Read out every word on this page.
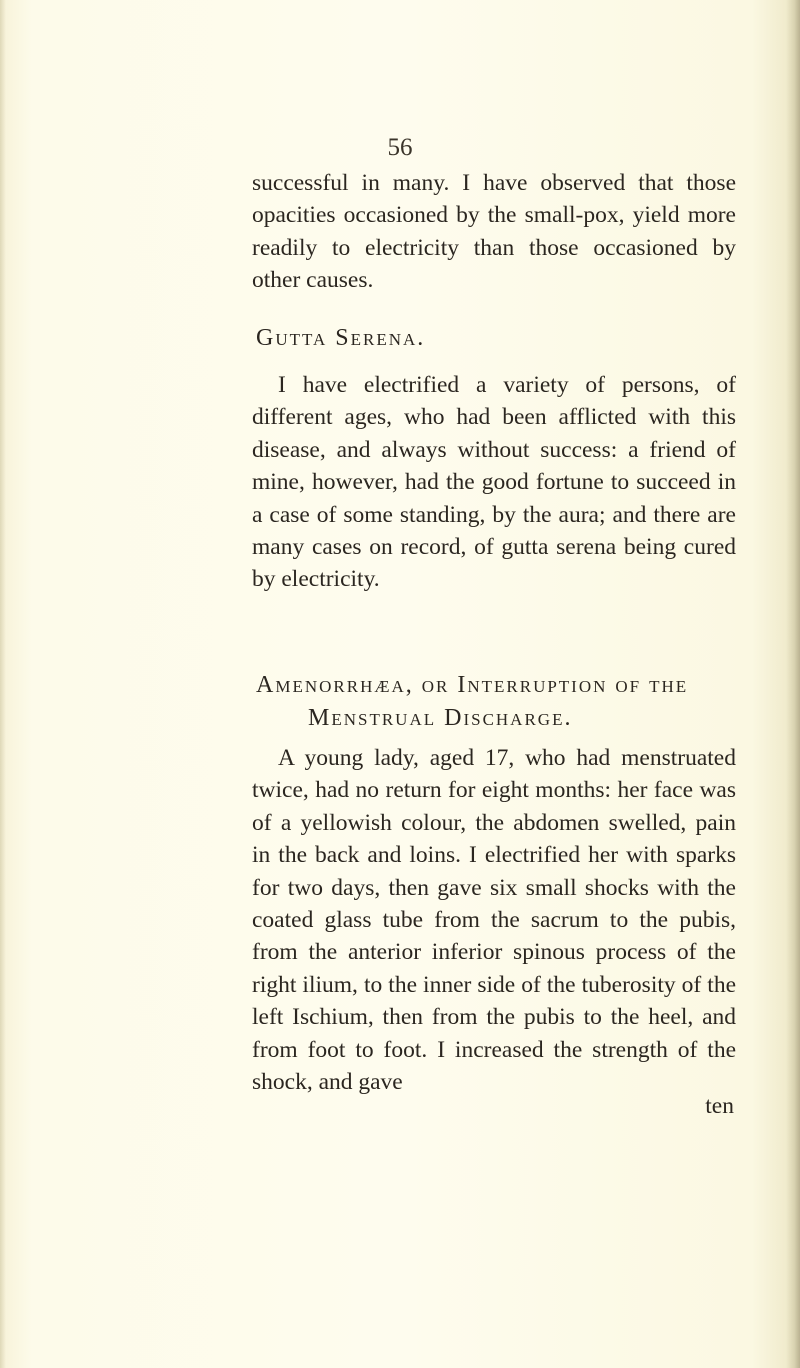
56

successful in many. I have observed that those opacities occasioned by the small-pox, yield more readily to electricity than those occasioned by other causes.

Gutta Serena.

I have electrified a variety of persons, of different ages, who had been afflicted with this disease, and always without success: a friend of mine, however, had the good fortune to succeed in a case of some standing, by the aura; and there are many cases on record, of gutta serena being cured by electricity.

Amenorrhæa, or Interruption of the

Menstrual Discharge.

A young lady, aged 17, who had menstruated twice, had no return for eight months: her face was of a yellowish colour, the abdomen swelled, pain in the back and loins. I electrified her with sparks for two days, then gave six small shocks with the coated glass tube from the sacrum to the pubis, from the anterior inferior spinous process of the right ilium, to the inner side of the tuberosity of the left Ischium, then from the pubis to the heel, and from foot to foot. I increased the strength of the shock, and gave

ten
